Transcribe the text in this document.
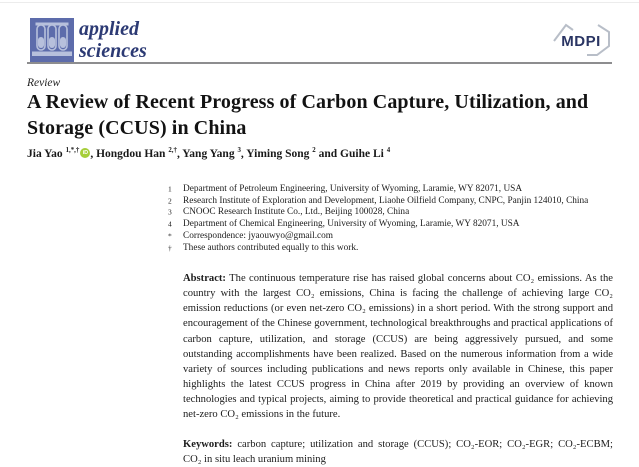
applied
sciences	MDPI
Review
A Review of Recent Progress of Carbon Capture, Utilization, and Storage (CCUS) in China
Jia Yao $^{1,*,\dagger}$ iD , Hongdou Han $^{2,\dagger}$, Yang Yang $^3$, Yiming Song $^2$ and Guihe Li $^4$
1	Department of Petroleum Engineering, University of Wyoming, Laramie, WY 82071, USA
2	Research Institute of Exploration and Development, Liaohe Oilfield Company, CNPC, Panjin 124010, China
3	CNOOC Research Institute Co., Ltd., Beijing 100028, China
4	Department of Chemical Engineering, University of Wyoming, Laramie, WY 82071, USA
*	Correspondence: jyaouwyo@gmail.com
†	These authors contributed equally to this work.

Abstract: The continuous temperature rise has raised global concerns about CO₂ emissions. As the country with the largest CO₂ emissions, China is facing the challenge of achieving large CO₂ emission reductions (or even net-zero CO₂ emissions) in a short period. With the strong support and encouragement of the Chinese government, technological breakthroughs and practical applications of carbon capture, utilization, and storage (CCUS) are being aggressively pursued, and some outstanding accomplishments have been realized. Based on the numerous information from a wide variety of sources including publications and news reports only available in Chinese, this paper highlights the latest CCUS progress in China after 2019 by providing an overview of known technologies and typical projects, aiming to provide theoretical and practical guidance for achieving net-zero CO₂ emissions in the future.

Keywords: carbon capture; utilization and storage (CCUS); CO₂-EOR; CO₂-EGR; CO₂-ECBM; CO₂ in situ leach uranium mining
